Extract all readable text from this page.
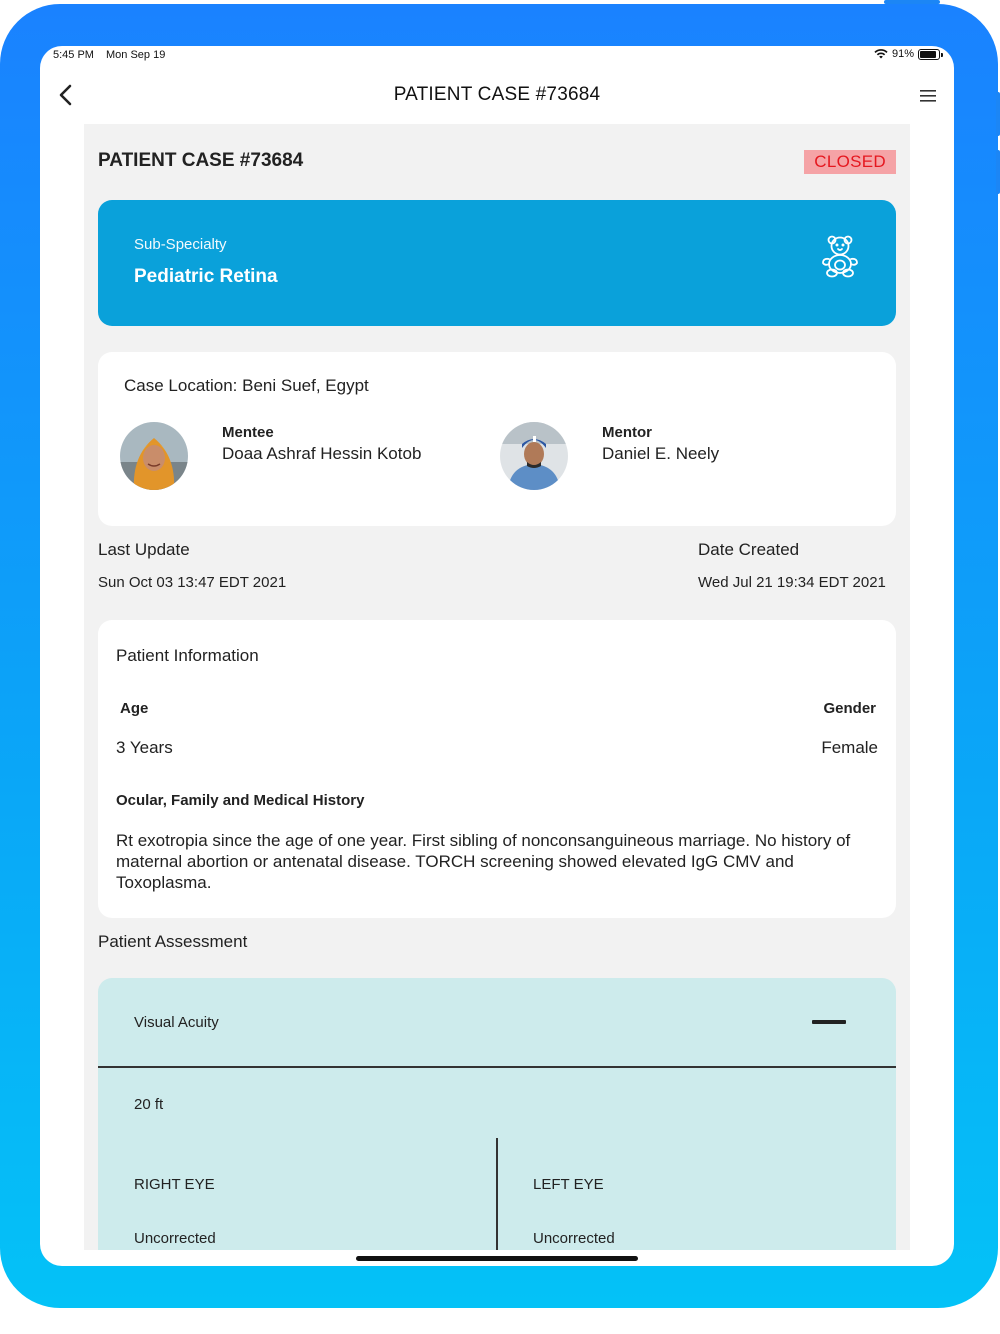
5:45 PM Mon Sep 19	91%
PATIENT CASE #73684
PATIENT CASE #73684	CLOSED
Sub-Specialty
Pediatric Retina
Case Location: Beni Suef, Egypt
Mentee
Doaa Ashraf Hessin Kotob
Mentor
Daniel E. Neely
Last Update
Sun Oct 03 13:47 EDT 2021
Date Created
Wed Jul 21 19:34 EDT 2021
Patient Information
Age	Gender
3 Years	Female
Ocular, Family and Medical History
Rt exotropia since the age of one year. First sibling of nonconsanguineous marriage. No history of maternal abortion or antenatal disease. TORCH screening showed elevated IgG CMV and Toxoplasma.
Patient Assessment
Visual Acuity
20 ft
RIGHT EYE	LEFT EYE
Uncorrected	Uncorrected
